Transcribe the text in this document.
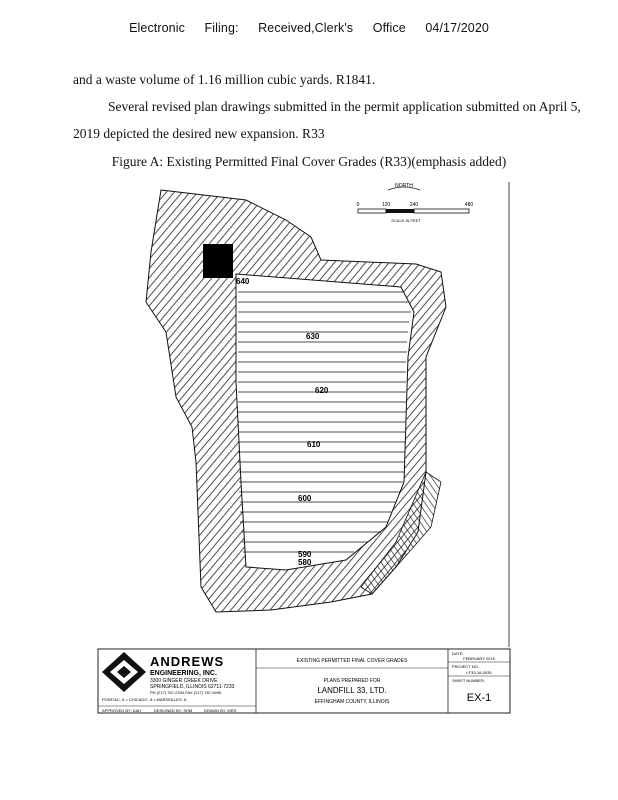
Electronic Filing: Received,Clerk's Office 04/17/2020
and a waste volume of 1.16 million cubic yards. R1841.
Several revised plan drawings submitted in the permit application submitted on April 5,
2019 depicted the desired new expansion. R33
Figure A: Existing Permitted Final Cover Grades (R33)(emphasis added)
640
630
620
610
600
590
580
NORTH
0	120	240	480
SCALE IN FEET
ANDREWS
ENGINEERING, INC.
3300 GINGER CREEK DRIVE
SPRINGFIELD, ILLINOIS 62711-7233
PH (217) 787-2334 FAX (217) 787-9495
PONTIAC, IL • CHICAGO, IL • MARSEILLES, IL
APPROVED BY: DAH	DESIGNED BY: SHM	DRAWN BY: MRS
EXISTING PERMITTED FINAL COVER GRADES
PLANS PREPARED FOR
LANDFILL 33, LTD.
EFFINGHAM COUNTY, ILLINOIS
DATE:
FEBRUARY 2019
PROJECT NO:
LF33-16-0035
SHEET NUMBER:
EX-1
